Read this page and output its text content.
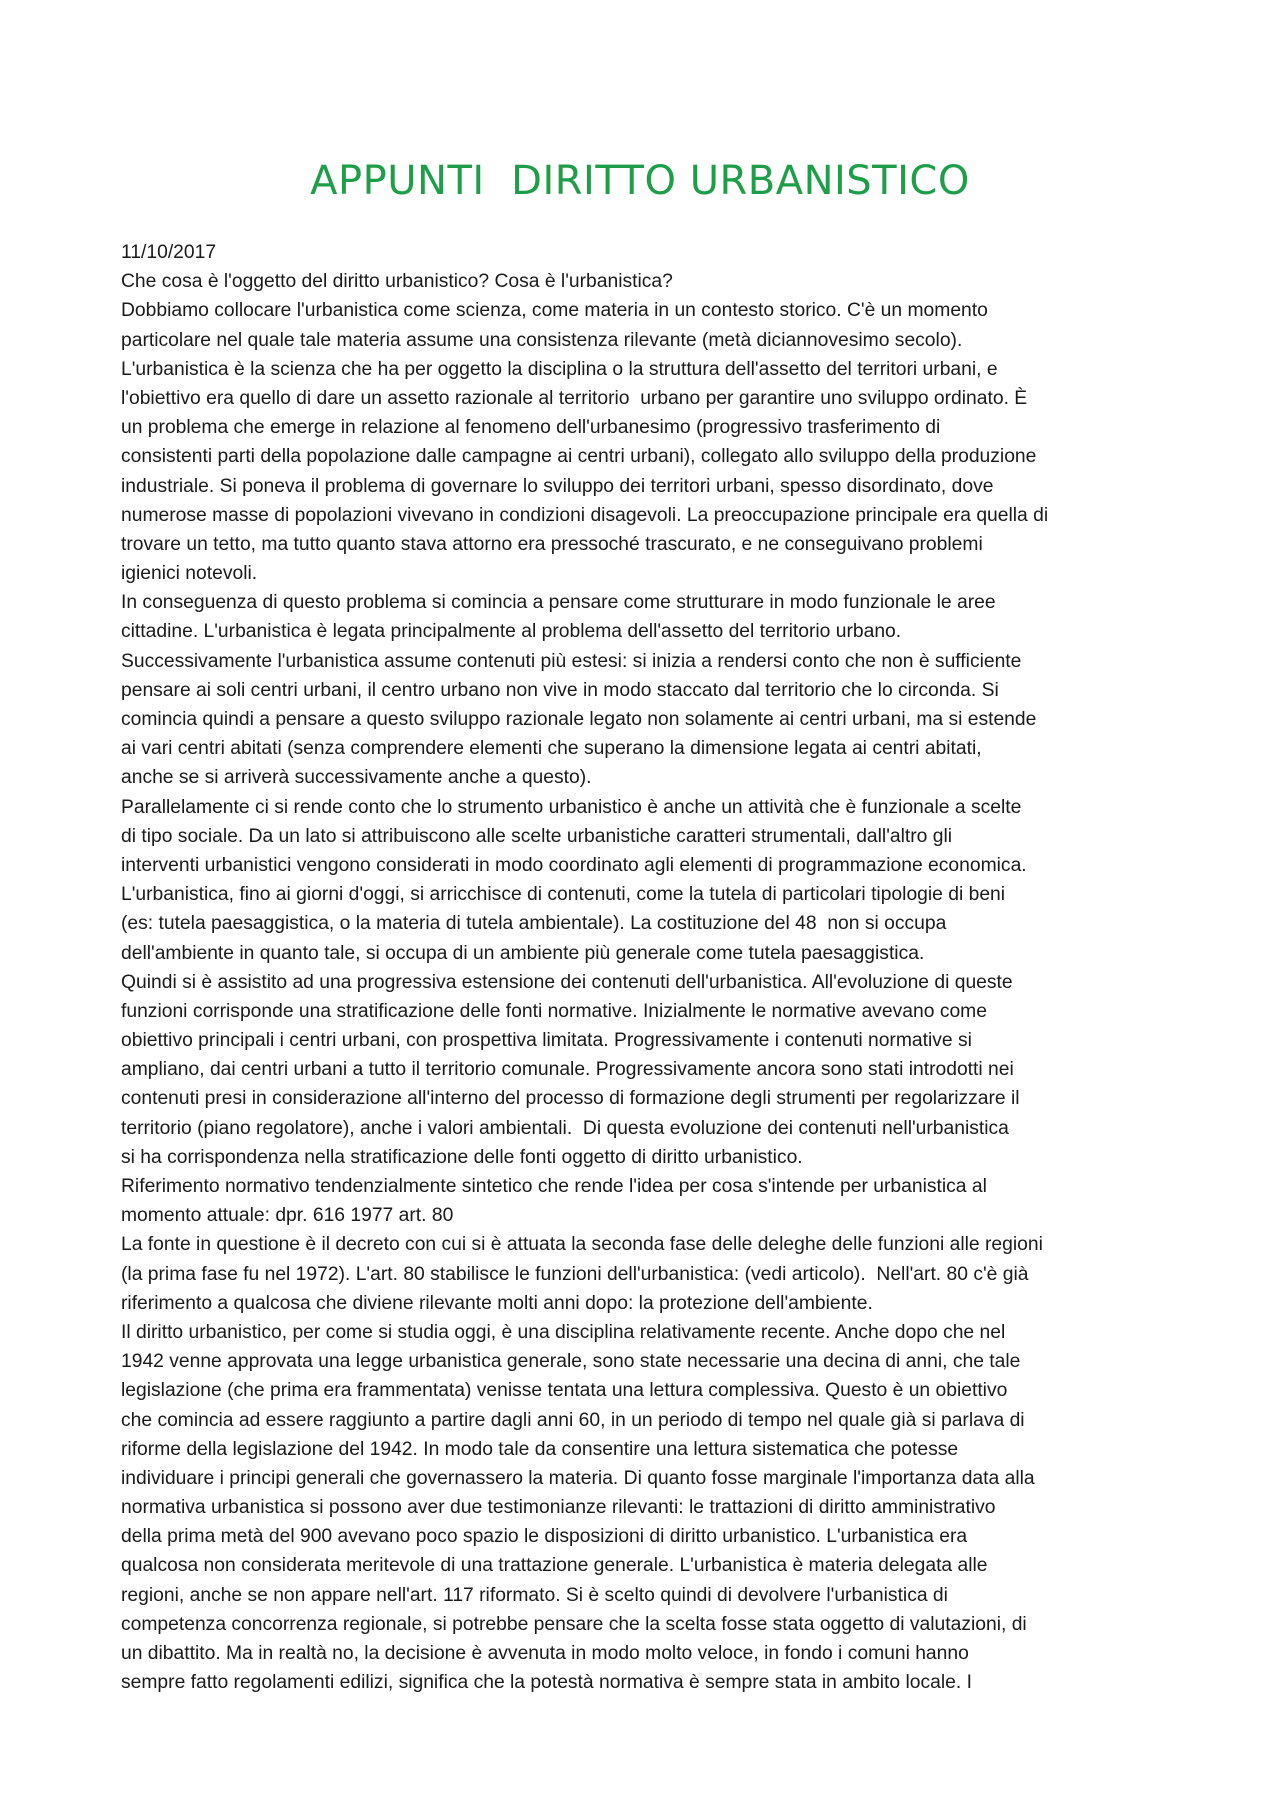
APPUNTI  DIRITTO URBANISTICO
11/10/2017
Che cosa è l'oggetto del diritto urbanistico? Cosa è l'urbanistica?
Dobbiamo collocare l'urbanistica come scienza, come materia in un contesto storico. C'è un momento
particolare nel quale tale materia assume una consistenza rilevante (metà diciannovesimo secolo).
L'urbanistica è la scienza che ha per oggetto la disciplina o la struttura dell'assetto del territori urbani, e
l'obiettivo era quello di dare un assetto razionale al territorio  urbano per garantire uno sviluppo ordinato. È
un problema che emerge in relazione al fenomeno dell'urbanesimo (progressivo trasferimento di
consistenti parti della popolazione dalle campagne ai centri urbani), collegato allo sviluppo della produzione
industriale. Si poneva il problema di governare lo sviluppo dei territori urbani, spesso disordinato, dove
numerose masse di popolazioni vivevano in condizioni disagevoli. La preoccupazione principale era quella di
trovare un tetto, ma tutto quanto stava attorno era pressoché trascurato, e ne conseguivano problemi
igienici notevoli.
In conseguenza di questo problema si comincia a pensare come strutturare in modo funzionale le aree
cittadine. L'urbanistica è legata principalmente al problema dell'assetto del territorio urbano.
Successivamente l'urbanistica assume contenuti più estesi: si inizia a rendersi conto che non è sufficiente
pensare ai soli centri urbani, il centro urbano non vive in modo staccato dal territorio che lo circonda. Si
comincia quindi a pensare a questo sviluppo razionale legato non solamente ai centri urbani, ma si estende
ai vari centri abitati (senza comprendere elementi che superano la dimensione legata ai centri abitati,
anche se si arriverà successivamente anche a questo).
Parallelamente ci si rende conto che lo strumento urbanistico è anche un attività che è funzionale a scelte
di tipo sociale. Da un lato si attribuiscono alle scelte urbanistiche caratteri strumentali, dall'altro gli
interventi urbanistici vengono considerati in modo coordinato agli elementi di programmazione economica.
L'urbanistica, fino ai giorni d'oggi, si arricchisce di contenuti, come la tutela di particolari tipologie di beni
(es: tutela paesaggistica, o la materia di tutela ambientale). La costituzione del 48  non si occupa
dell'ambiente in quanto tale, si occupa di un ambiente più generale come tutela paesaggistica.
Quindi si è assistito ad una progressiva estensione dei contenuti dell'urbanistica. All'evoluzione di queste
funzioni corrisponde una stratificazione delle fonti normative. Inizialmente le normative avevano come
obiettivo principali i centri urbani, con prospettiva limitata. Progressivamente i contenuti normative si
ampliano, dai centri urbani a tutto il territorio comunale. Progressivamente ancora sono stati introdotti nei
contenuti presi in considerazione all'interno del processo di formazione degli strumenti per regolarizzare il
territorio (piano regolatore), anche i valori ambientali.  Di questa evoluzione dei contenuti nell'urbanistica
si ha corrispondenza nella stratificazione delle fonti oggetto di diritto urbanistico.
Riferimento normativo tendenzialmente sintetico che rende l'idea per cosa s'intende per urbanistica al
momento attuale: dpr. 616 1977 art. 80
La fonte in questione è il decreto con cui si è attuata la seconda fase delle deleghe delle funzioni alle regioni
(la prima fase fu nel 1972). L'art. 80 stabilisce le funzioni dell'urbanistica: (vedi articolo).  Nell'art. 80 c'è già
riferimento a qualcosa che diviene rilevante molti anni dopo: la protezione dell'ambiente.
Il diritto urbanistico, per come si studia oggi, è una disciplina relativamente recente. Anche dopo che nel
1942 venne approvata una legge urbanistica generale, sono state necessarie una decina di anni, che tale
legislazione (che prima era frammentata) venisse tentata una lettura complessiva. Questo è un obiettivo
che comincia ad essere raggiunto a partire dagli anni 60, in un periodo di tempo nel quale già si parlava di
riforme della legislazione del 1942. In modo tale da consentire una lettura sistematica che potesse
individuare i principi generali che governassero la materia. Di quanto fosse marginale l'importanza data alla
normativa urbanistica si possono aver due testimonianze rilevanti: le trattazioni di diritto amministrativo
della prima metà del 900 avevano poco spazio le disposizioni di diritto urbanistico. L'urbanistica era
qualcosa non considerata meritevole di una trattazione generale. L'urbanistica è materia delegata alle
regioni, anche se non appare nell'art. 117 riformato. Si è scelto quindi di devolvere l'urbanistica di
competenza concorrenza regionale, si potrebbe pensare che la scelta fosse stata oggetto di valutazioni, di
un dibattito. Ma in realtà no, la decisione è avvenuta in modo molto veloce, in fondo i comuni hanno
sempre fatto regolamenti edilizi, significa che la potestà normativa è sempre stata in ambito locale. I
